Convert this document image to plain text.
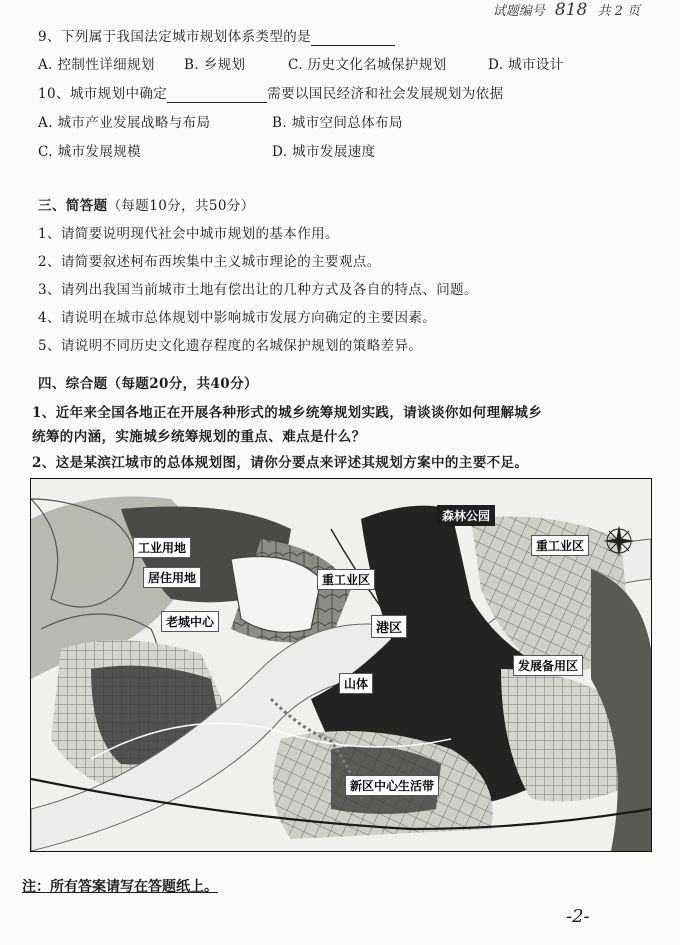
试题编号 818 共 2 页
9、下列属于我国法定城市规划体系类型的是
A. 控制性详细规划 B. 乡规划	C. 历史文化名城保护规划	D. 城市设计
10、城市规划中确定	需要以国民经济和社会发展规划为依据
A. 城市产业发展战略与布局	B. 城市空间总体布局
C. 城市发展规模	D. 城市发展速度
三、简答题（每题10分，共50分）
1、请简要说明现代社会中城市规划的基本作用。
2、请简要叙述柯布西埃集中主义城市理论的主要观点。
3、请列出我国当前城市土地有偿出让的几种方式及各自的特点、问题。
4、请说明在城市总体规划中影响城市发展方向确定的主要因素。
5、请说明不同历史文化遗存程度的名城保护规划的策略差异。
四、综合题（每题20分，共40分）
1、近年来全国各地正在开展各种形式的城乡统筹规划实践，请谈谈你如何理解城乡
统筹的内涵，实施城乡统筹规划的重点、难点是什么？
2、这是某滨江城市的总体规划图，请你分要点来评述其规划方案中的主要不足。
工业用地
居住用地
老城中心
重工业区
港区
森林公园
重工业区
山体
发展备用区
新区中心生活带
注：所有答案请写在答题纸上。
-2-
